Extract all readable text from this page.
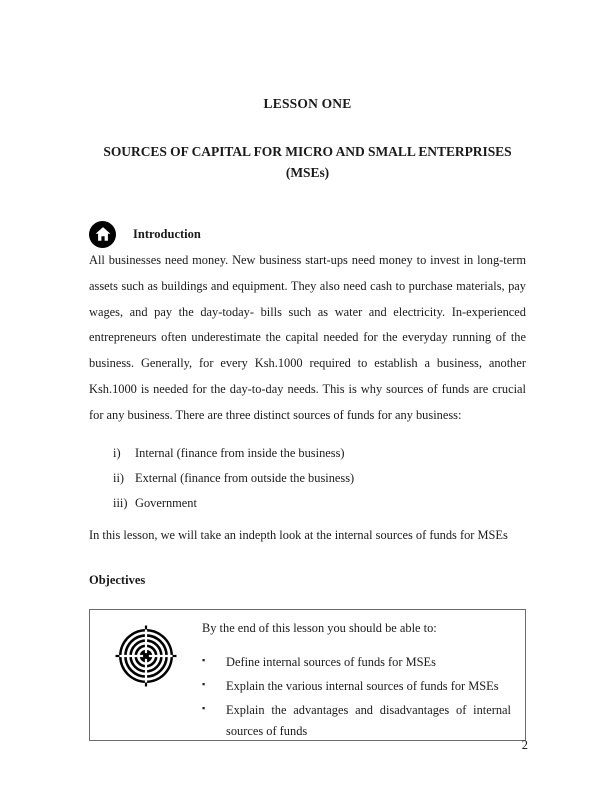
LESSON ONE
SOURCES OF CAPITAL FOR MICRO AND SMALL ENTERPRISES
(MSEs)
Introduction

All businesses need money. New business start-ups need money to invest in long-term assets such as buildings and equipment. They also need cash to purchase materials, pay wages, and pay the day-today- bills such as water and electricity. In-experienced entrepreneurs often underestimate the capital needed for the everyday running of the business. Generally, for every Ksh.1000 required to establish a business, another Ksh.1000 is needed for the day-to-day needs. This is why sources of funds are crucial for any business. There are three distinct sources of funds for any business:

i)	Internal (finance from inside the business)
ii) External (finance from outside the business)
iii) Government

In this lesson, we will take an indepth look at the internal sources of funds for MSEs

Objectives

By the end of this lesson you should be able to:

▪	Define internal sources of funds for MSEs
▪	Explain the various internal sources of funds for MSEs
▪	Explain the advantages and disadvantages of internal sources of funds
2
